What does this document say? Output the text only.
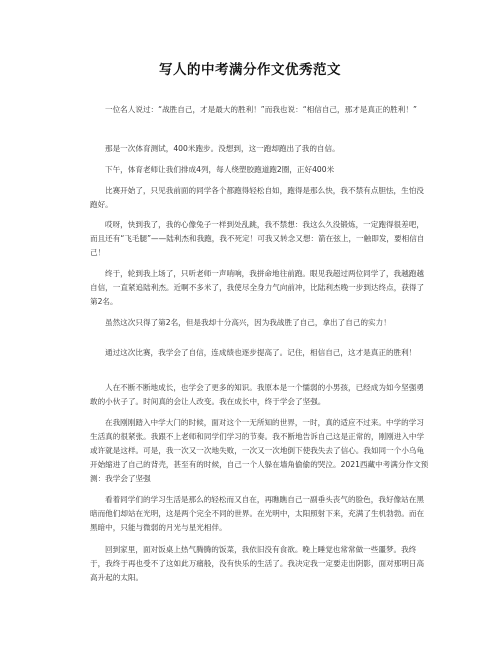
写人的中考满分作文优秀范文
一位名人说过：“战胜自己，才是最大的胜利！”而我也说：“相信自己，那才是真正的胜利！”
那是一次体育测试，400米跑步。没想到，这一跑却跑出了我的自信。
下午，体育老师让我们排成4列，每人绕塑胶跑道跑2圈，正好400米
比赛开始了，只见我前面的同学各个都跑得轻松自如，跑得是那么快，我不禁有点胆怯，生怕没跑好。
哎呀，快到我了，我的心像兔子一样到处乱跳，我不禁想：我这么久没锻炼，一定跑得很差吧，而且还有“飞毛腿”——陆利杰和我跑，我不死定！可我又转念又想：箭在弦上，一触即发，要相信自己！
终于，轮到我上场了，只听老师一声哨响，我拼命地往前跑。眼见我超过两位同学了，我越跑越自信，一直紧追陆利杰。近啊不多米了，我使尽全身力气向前冲，比陆利杰晚一步到达终点，获得了第2名。
虽然这次只得了第2名，但是我却十分高兴，因为我战胜了自己，拿出了自己的实力！
通过这次比赛，我学会了自信，连成绩也逐步提高了。记住，相信自己，这才是真正的胜利！
人在不断不断地成长，也学会了更多的知识。我原本是一个懦弱的小男孩，已经成为如今坚强勇敢的小伙子了。时间真的会让人改变。我在成长中，终于学会了坚强。
在我刚刚踏入中学大门的时候，面对这个一无所知的世界，一时，真的适应不过来。中学的学习生活真的很紧张。我跟不上老师和同学们学习的节奏。我不断地告诉自己这是正常的，刚刚进入中学或许就是这样。可是，我一次又一次地失败，一次又一次地倒下使我失去了信心。我如同一个小乌龟开始缩进了自己的背壳，甚至有的时候，自己一个人躲在墙角偷偷的哭泣。2021西藏中考满分作文预测：我学会了坚强
看着同学们的学习生活是那么的轻松而又自在，再瞧瞧自己一副垂头丧气的脸色，我好像站在黑暗而他们却站在光明，这是两个完全不同的世界。在光明中，太阳照射下来，充满了生机勃勃。而在黑暗中，只能与微弱的月光与星光相伴。
回到家里，面对饭桌上热气腾腾的饭菜，我依旧没有食欲。晚上睡觉也常常做一些噩梦。我终于，我终于再也受不了这如此万痛般，没有快乐的生活了。我决定我一定要走出阴影，面对那明日高高升起的太阳。
